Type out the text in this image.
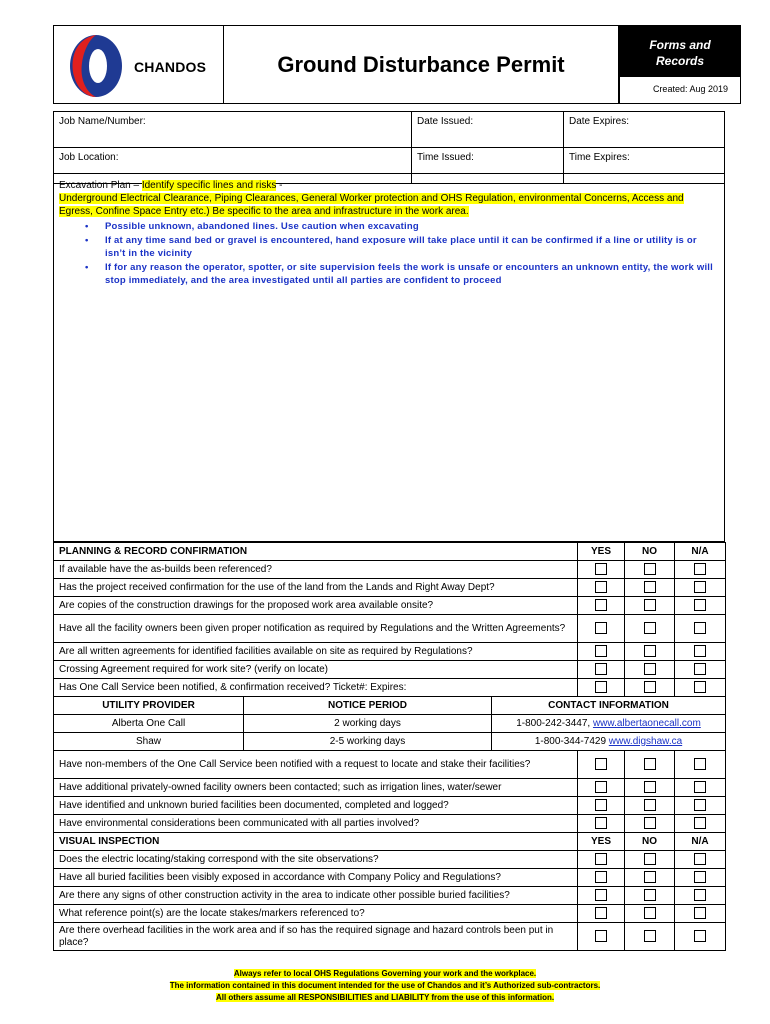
CHANDOS	Ground Disturbance Permit
Forms and
Records
Created: Aug 2019
Job Name/Number:	Date Issued:	Date Expires:
Job Location:	Time Issued:	Time Expires:
Excavation Plan – Identify specific lines and risks -
Underground Electrical Clearance, Piping Clearances, General Worker protection and OHS Regulation, environmental Concerns, Access and Egress, Confine Space Entry etc.) Be specific to the area and infrastructure in the work area.
• Possible unknown, abandoned lines. Use caution when excavating
• If at any time sand bed or gravel is encountered, hand exposure will take place until it can be confirmed if a line or utility is or isn’t in the vicinity
• If for any reason the operator, spotter, or site supervision feels the work is unsafe or encounters an unknown entity, the work will stop immediately, and the area investigated until all parties are confident to proceed
PLANNING & RECORD CONFIRMATION			YES	NO	N/A
If available have the as-builds been referenced?					
Has the project received confirmation for the use of the land from the Lands and Right Away Dept?					
Are copies of the construction drawings for the proposed work area available onsite?					
Have all the facility owners been given proper notification as required by Regulations and the Written Agreements?					
Are all written agreements for identified facilities available on site as required by Regulations?					
Crossing Agreement required for work site? (verify on locate)					
Has One Call Service been notified, & confirmation received? Ticket#: Expires:					
UTILITY PROVIDER	NOTICE PERIOD	CONTACT INFORMATION			
Alberta One Call	2 working days	1-800-242-3447, www.albertaonecall.com			
Shaw	2-5 working days	1-800-344-7429 www.digshaw.ca			
Have non-members of the One Call Service been notified with a request to locate and stake their facilities?					
Have additional privately-owned facility owners been contacted; such as irrigation lines, water/sewer					
Have identified and unknown buried facilities been documented, completed and logged?					
Have environmental considerations been communicated with all parties involved?					
VISUAL INSPECTION			YES	NO	N/A
Does the electric locating/staking correspond with the site observations?					
Have all buried facilities been visibly exposed in accordance with Company Policy and Regulations?					
Are there any signs of other construction activity in the area to indicate other possible buried facilities?					
What reference point(s) are the locate stakes/markers referenced to?					
Are there overhead facilities in the work area and if so has the required signage and hazard controls been put in place?					
Always refer to local OHS Regulations Governing your work and the workplace.
The information contained in this document intended for the use of Chandos and it’s Authorized sub-contractors.
All others assume all RESPONSIBILITIES and LIABILITY from the use of this information.
